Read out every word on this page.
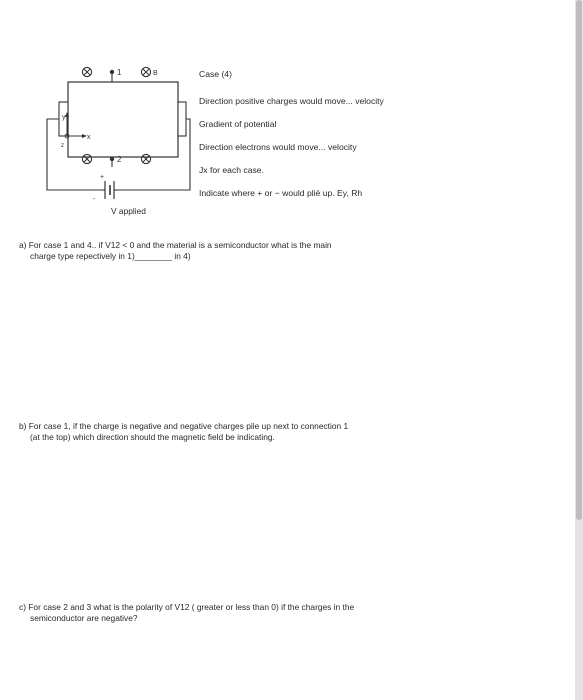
-
+
1
2
B
y
x
z
V applied
Case (4)
Direction positive charges would move... velocity
Gradient of potential
Direction electrons would move... velocity
Jx for each case.
Indicate where + or − would plié up. Ey, Rh
a) For case 1 and 4.. if V12 < 0 and the material is a semiconductor what is the main
charge type repectively in 1)________ in 4)
b) For case 1, if the charge is negative and negative charges pile up next to connection 1
(at the top) which direction should the magnetic field be indicating.
c) For case 2 and 3 what is the polarity of V12 ( greater or less than 0) if the charges in the
semiconductor are negative?
